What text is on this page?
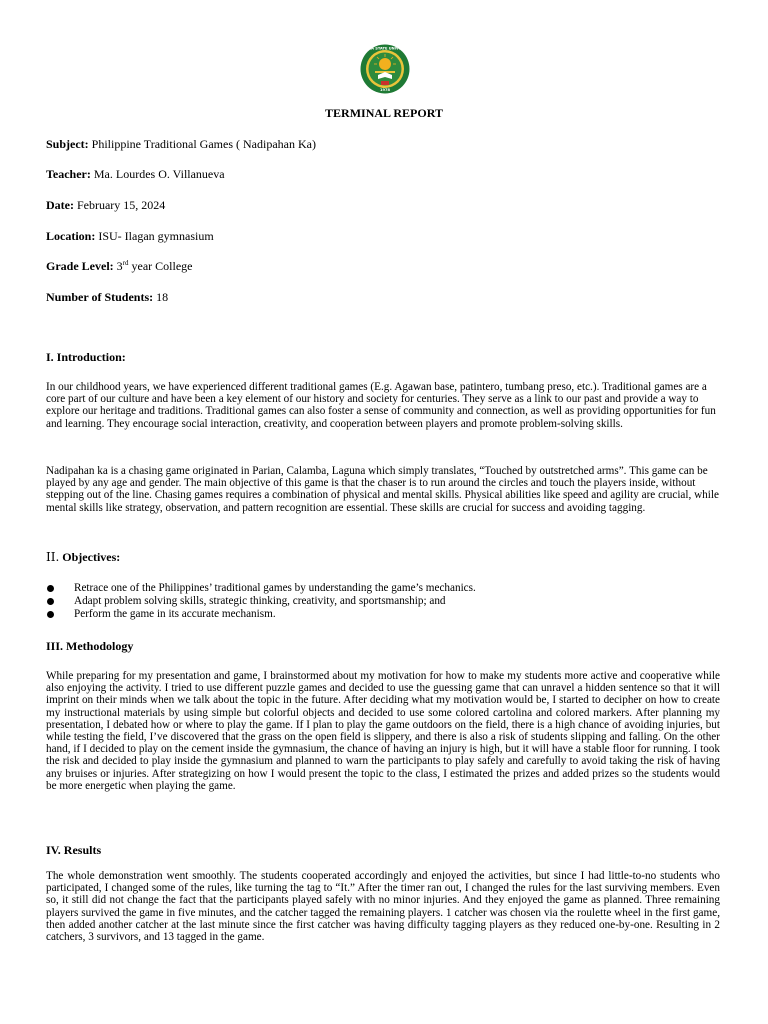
ISABELA STATE UNIVERSITY
1978
TERMINAL REPORT
Subject: Philippine Traditional Games ( Nadipahan Ka)
Teacher: Ma. Lourdes O. Villanueva
Date: February 15, 2024
Location: ISU- Ilagan gymnasium
Grade Level: 3rd year College
Number of Students: 18
I. Introduction:
In our childhood years, we have experienced different traditional games (E.g. Agawan base, patintero, tumbang preso, etc.). Traditional games are a core part of our culture and have been a key element of our history and society for centuries. They serve as a link to our past and provide a way to explore our heritage and traditions. Traditional games can also foster a sense of community and connection, as well as providing opportunities for fun and learning. They encourage social interaction, creativity, and cooperation between players and promote problem-solving skills.
Nadipahan ka is a chasing game originated in Parian, Calamba, Laguna which simply translates, “Touched by outstretched arms”. This game can be played by any age and gender. The main objective of this game is that the chaser is to run around the circles and touch the players inside, without stepping out of the line. Chasing games requires a combination of physical and mental skills. Physical abilities like speed and agility are crucial, while mental skills like strategy, observation, and pattern recognition are essential. These skills are crucial for success and avoiding tagging.
II. Objectives:
Retrace one of the Philippines’ traditional games by understanding the game’s mechanics.
Adapt problem solving skills, strategic thinking, creativity, and sportsmanship; and
Perform the game in its accurate mechanism.
III. Methodology
While preparing for my presentation and game, I brainstormed about my motivation for how to make my students more active and cooperative while also enjoying the activity. I tried to use different puzzle games and decided to use the guessing game that can unravel a hidden sentence so that it will imprint on their minds when we talk about the topic in the future. After deciding what my motivation would be, I started to decipher on how to create my instructional materials by using simple but colorful objects and decided to use some colored cartolina and colored markers. After planning my presentation, I debated how or where to play the game. If I plan to play the game outdoors on the field, there is a high chance of avoiding injuries, but while testing the field, I’ve discovered that the grass on the open field is slippery, and there is also a risk of students slipping and falling. On the other hand, if I decided to play on the cement inside the gymnasium, the chance of having an injury is high, but it will have a stable floor for running. I took the risk and decided to play inside the gymnasium and planned to warn the participants to play safely and carefully to avoid taking the risk of having any bruises or injuries. After strategizing on how I would present the topic to the class, I estimated the prizes and added prizes so the students would be more energetic when playing the game.
IV. Results
The whole demonstration went smoothly. The students cooperated accordingly and enjoyed the activities, but since I had little-to-no students who participated, I changed some of the rules, like turning the tag to “It.” After the timer ran out, I changed the rules for the last surviving members. Even so, it still did not change the fact that the participants played safely with no minor injuries. And they enjoyed the game as planned. Three remaining players survived the game in five minutes, and the catcher tagged the remaining players. 1 catcher was chosen via the roulette wheel in the first game, then added another catcher at the last minute since the first catcher was having difficulty tagging players as they reduced one-by-one. Resulting in 2 catchers, 3 survivors, and 13 tagged in the game.
